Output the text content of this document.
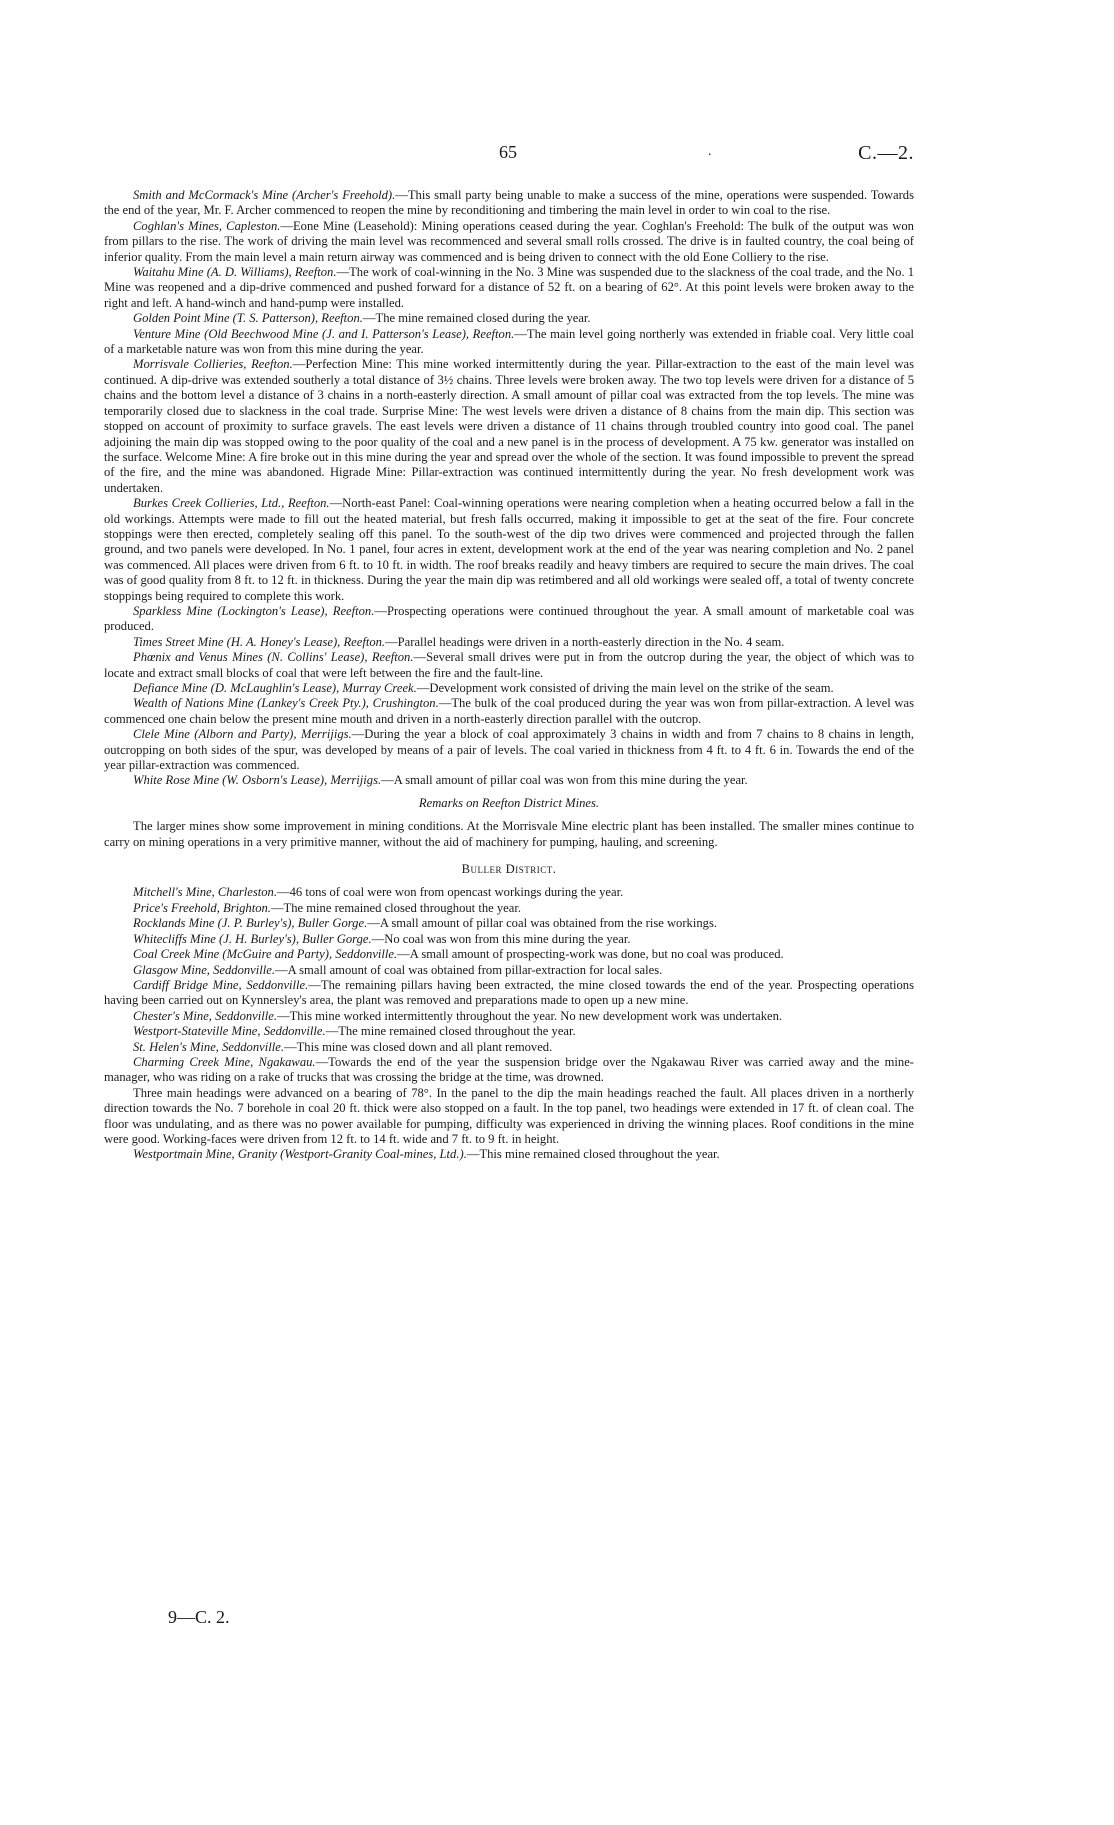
65	.	C.—2.

Smith and McCormack's Mine (Archer's Freehold).—This small party being unable to make a success of the mine, operations were suspended. Towards the end of the year, Mr. F. Archer commenced to reopen the mine by reconditioning and timbering the main level in order to win coal to the rise.

Coghlan's Mines, Capleston.—Eone Mine (Leasehold): Mining operations ceased during the year. Coghlan's Freehold: The bulk of the output was won from pillars to the rise. The work of driving the main level was recommenced and several small rolls crossed. The drive is in faulted country, the coal being of inferior quality. From the main level a main return airway was commenced and is being driven to connect with the old Eone Colliery to the rise.

Waitahu Mine (A. D. Williams), Reefton.—The work of coal-winning in the No. 3 Mine was suspended due to the slackness of the coal trade, and the No. 1 Mine was reopened and a dip-drive commenced and pushed forward for a distance of 52 ft. on a bearing of 62°. At this point levels were broken away to the right and left. A hand-winch and hand-pump were installed.

Golden Point Mine (T. S. Patterson), Reefton.—The mine remained closed during the year.

Venture Mine (Old Beechwood Mine (J. and I. Patterson's Lease), Reefton.—The main level going northerly was extended in friable coal. Very little coal of a marketable nature was won from this mine during the year.

Morrisvale Collieries, Reefton.—Perfection Mine: This mine worked intermittently during the year. Pillar-extraction to the east of the main level was continued. A dip-drive was extended southerly a total distance of 3½ chains. Three levels were broken away. The two top levels were driven for a distance of 5 chains and the bottom level a distance of 3 chains in a north-easterly direction. A small amount of pillar coal was extracted from the top levels. The mine was temporarily closed due to slackness in the coal trade. Surprise Mine: The west levels were driven a distance of 8 chains from the main dip. This section was stopped on account of proximity to surface gravels. The east levels were driven a distance of 11 chains through troubled country into good coal. The panel adjoining the main dip was stopped owing to the poor quality of the coal and a new panel is in the process of development. A 75 kw. generator was installed on the surface. Welcome Mine: A fire broke out in this mine during the year and spread over the whole of the section. It was found impossible to prevent the spread of the fire, and the mine was abandoned. Higrade Mine: Pillar-extraction was continued intermittently during the year. No fresh development work was undertaken.

Burkes Creek Collieries, Ltd., Reefton.—North-east Panel: Coal-winning operations were nearing completion when a heating occurred below a fall in the old workings. Attempts were made to fill out the heated material, but fresh falls occurred, making it impossible to get at the seat of the fire. Four concrete stoppings were then erected, completely sealing off this panel. To the south-west of the dip two drives were commenced and projected through the fallen ground, and two panels were developed. In No. 1 panel, four acres in extent, development work at the end of the year was nearing completion and No. 2 panel was commenced. All places were driven from 6 ft. to 10 ft. in width. The roof breaks readily and heavy timbers are required to secure the main drives. The coal was of good quality from 8 ft. to 12 ft. in thickness. During the year the main dip was retimbered and all old workings were sealed off, a total of twenty concrete stoppings being required to complete this work.

Sparkless Mine (Lockington's Lease), Reefton.—Prospecting operations were continued throughout the year. A small amount of marketable coal was produced.

Times Street Mine (H. A. Honey's Lease), Reefton.—Parallel headings were driven in a north-easterly direction in the No. 4 seam.

Phœnix and Venus Mines (N. Collins' Lease), Reefton.—Several small drives were put in from the outcrop during the year, the object of which was to locate and extract small blocks of coal that were left between the fire and the fault-line.

Defiance Mine (D. McLaughlin's Lease), Murray Creek.—Development work consisted of driving the main level on the strike of the seam.

Wealth of Nations Mine (Lankey's Creek Pty.), Crushington.—The bulk of the coal produced during the year was won from pillar-extraction. A level was commenced one chain below the present mine mouth and driven in a north-easterly direction parallel with the outcrop.

Clele Mine (Alborn and Party), Merrijigs.—During the year a block of coal approximately 3 chains in width and from 7 chains to 8 chains in length, outcropping on both sides of the spur, was developed by means of a pair of levels. The coal varied in thickness from 4 ft. to 4 ft. 6 in. Towards the end of the year pillar-extraction was commenced.

White Rose Mine (W. Osborn's Lease), Merrijigs.—A small amount of pillar coal was won from this mine during the year.

Remarks on Reefton District Mines.

The larger mines show some improvement in mining conditions. At the Morrisvale Mine electric plant has been installed. The smaller mines continue to carry on mining operations in a very primitive manner, without the aid of machinery for pumping, hauling, and screening.

Buller District.

Mitchell's Mine, Charleston.—46 tons of coal were won from opencast workings during the year.

Price's Freehold, Brighton.—The mine remained closed throughout the year.

Rocklands Mine (J. P. Burley's), Buller Gorge.—A small amount of pillar coal was obtained from the rise workings.

Whitecliffs Mine (J. H. Burley's), Buller Gorge.—No coal was won from this mine during the year.

Coal Creek Mine (McGuire and Party), Seddonville.—A small amount of prospecting-work was done, but no coal was produced.

Glasgow Mine, Seddonville.—A small amount of coal was obtained from pillar-extraction for local sales.

Cardiff Bridge Mine, Seddonville.—The remaining pillars having been extracted, the mine closed towards the end of the year. Prospecting operations having been carried out on Kynnersley's area, the plant was removed and preparations made to open up a new mine.

Chester's Mine, Seddonville.—This mine worked intermittently throughout the year. No new development work was undertaken.

Westport-Stateville Mine, Seddonville.—The mine remained closed throughout the year.

St. Helen's Mine, Seddonville.—This mine was closed down and all plant removed.

Charming Creek Mine, Ngakawau.—Towards the end of the year the suspension bridge over the Ngakawau River was carried away and the mine-manager, who was riding on a rake of trucks that was crossing the bridge at the time, was drowned.

Three main headings were advanced on a bearing of 78°. In the panel to the dip the main headings reached the fault. All places driven in a northerly direction towards the No. 7 borehole in coal 20 ft. thick were also stopped on a fault. In the top panel, two headings were extended in 17 ft. of clean coal. The floor was undulating, and as there was no power available for pumping, difficulty was experienced in driving the winning places. Roof conditions in the mine were good. Working-faces were driven from 12 ft. to 14 ft. wide and 7 ft. to 9 ft. in height.

Westportmain Mine, Granity (Westport-Granity Coal-mines, Ltd.).—This mine remained closed throughout the year.

9—C. 2.
